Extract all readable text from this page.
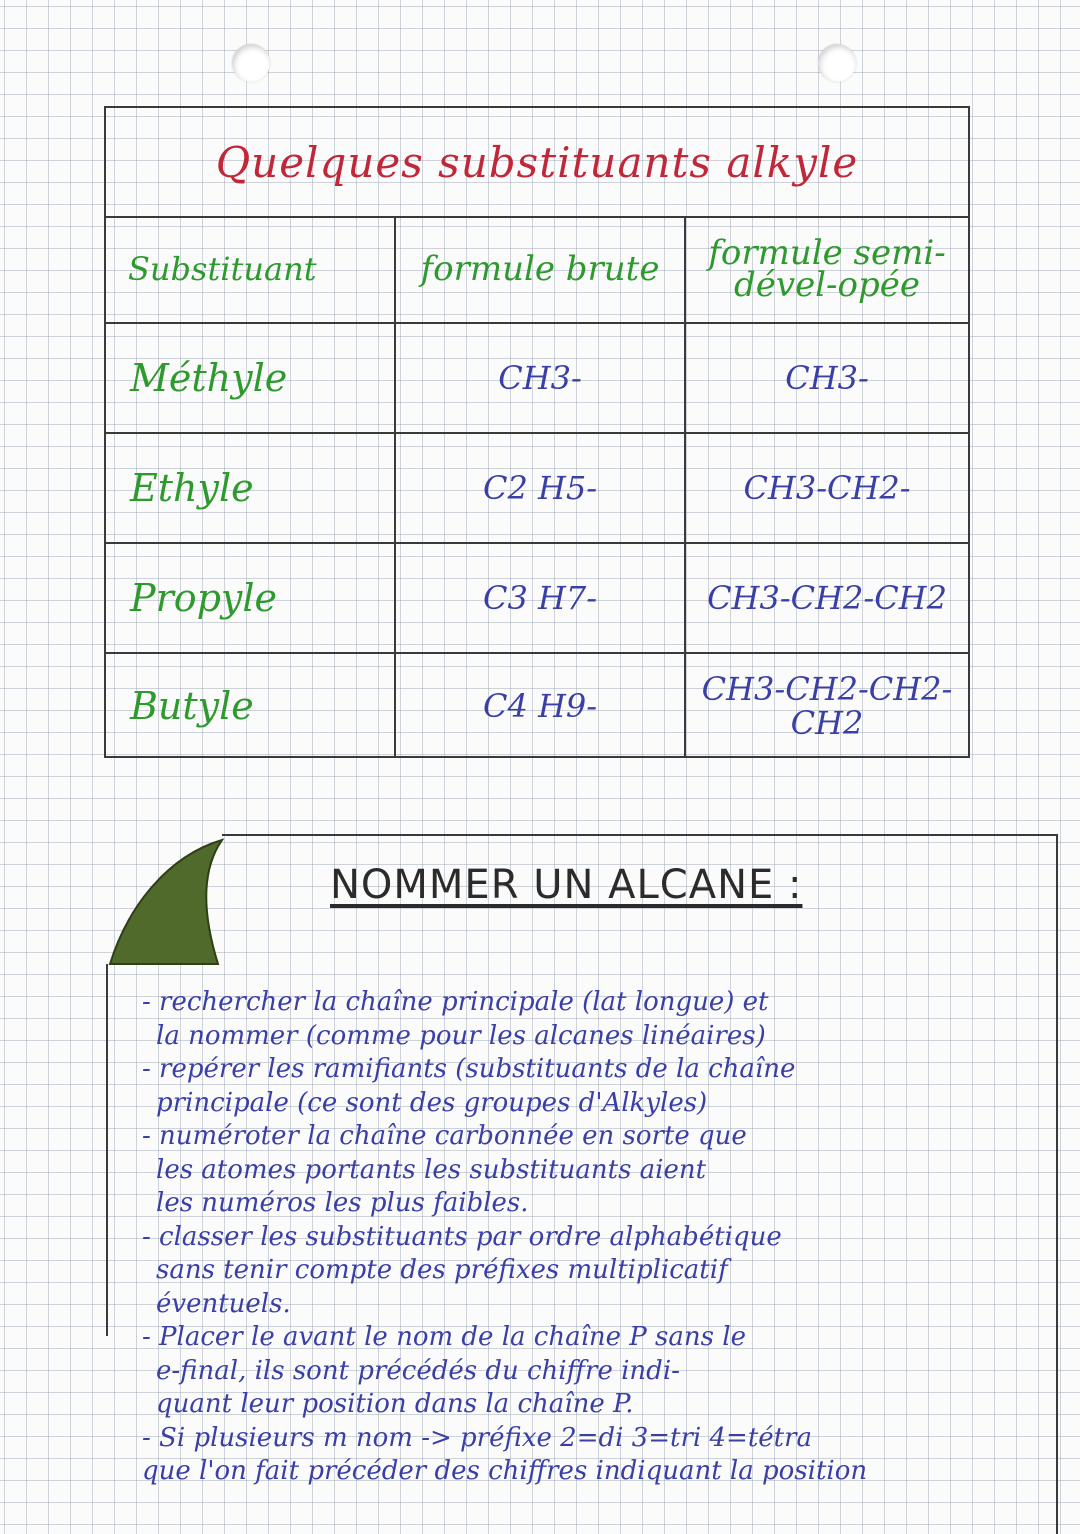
Quelques substituants alkyle
Substituant	formule brute	formule semi-dével-opée
Méthyle	CH3-	CH3-
Ethyle	C2 H5-	CH3-CH2-
Propyle	C3 H7-	CH3-CH2-CH2
Butyle	C4 H9-	CH3-CH2-CH2-CH2
NOMMER UN ALCANE :
- rechercher la chaîne principale (lat longue) et
la nommer (comme pour les alcanes linéaires)
- repérer les ramifiants (substituants de la chaîne
principale (ce sont des groupes d'Alkyles)
- numéroter la chaîne carbonnée en sorte que
les atomes portants les substituants aient
les numéros les plus faibles.
- classer les substituants par ordre alphabétique
sans tenir compte des préfixes multiplicatif
éventuels.
- Placer le avant le nom de la chaîne P sans le
e-final, ils sont précédés du chiffre indi-
quant leur position dans la chaîne P.
- Si plusieurs m nom -> préfixe 2=di 3=tri 4=tétra
que l'on fait précéder des chiffres indiquant la position
